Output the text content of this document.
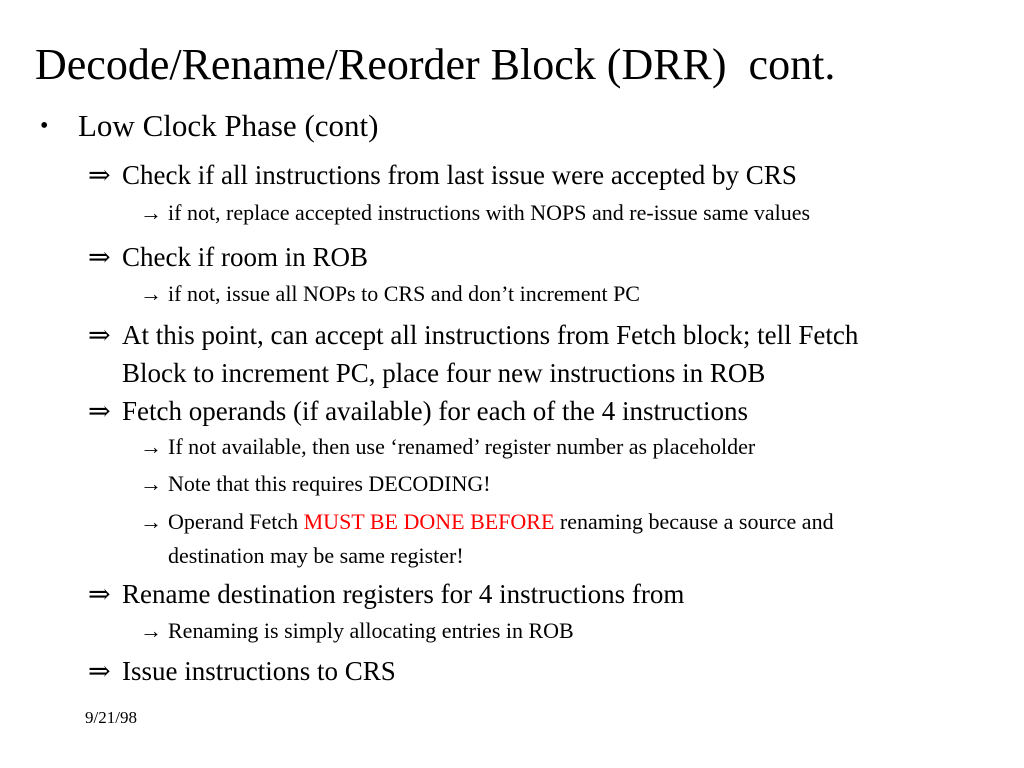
Decode/Rename/Reorder Block (DRR)  cont.
• Low Clock Phase (cont)
⇒ Check if all instructions from last issue were accepted by CRS
→ if not, replace accepted instructions with NOPS and re-issue same values
⇒ Check if room in ROB
→ if not, issue all NOPs to CRS and don’t increment PC
⇒ At this point, can accept all instructions from Fetch block; tell Fetch Block to increment PC, place four new instructions in ROB
⇒ Fetch operands (if available) for each of the 4 instructions
→ If not available, then use ‘renamed’ register number as placeholder
→ Note that this requires DECODING!
→ Operand Fetch MUST BE DONE BEFORE renaming because a source and destination may be same register!
⇒ Rename destination registers for 4 instructions from
→ Renaming is simply allocating entries in ROB
⇒ Issue instructions to CRS
9/21/98
